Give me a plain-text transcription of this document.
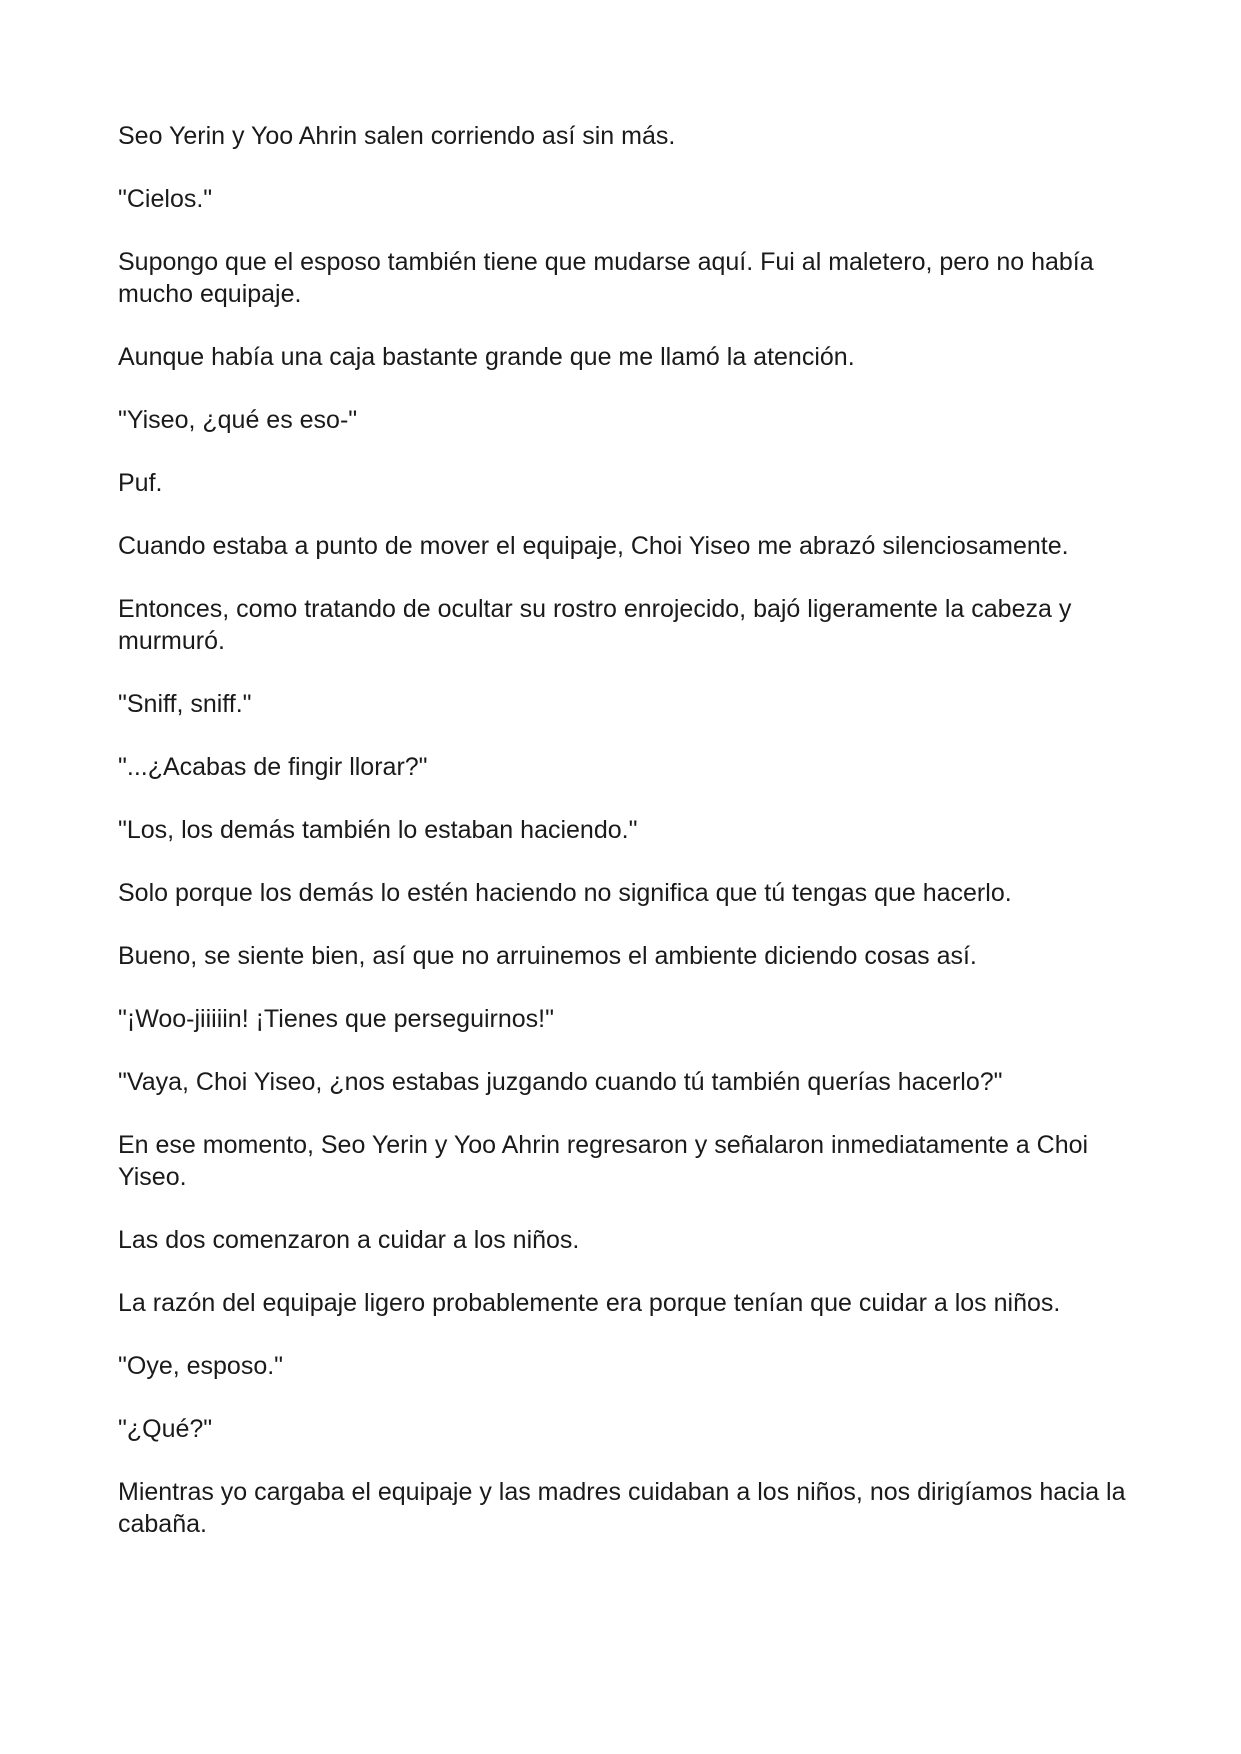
Seo Yerin y Yoo Ahrin salen corriendo así sin más.

"Cielos."

Supongo que el esposo también tiene que mudarse aquí. Fui al maletero, pero no había mucho equipaje.

Aunque había una caja bastante grande que me llamó la atención.

"Yiseo, ¿qué es eso-"

Puf.

Cuando estaba a punto de mover el equipaje, Choi Yiseo me abrazó silenciosamente.

Entonces, como tratando de ocultar su rostro enrojecido, bajó ligeramente la cabeza y murmuró.

"Sniff, sniff."

"...¿Acabas de fingir llorar?"

"Los, los demás también lo estaban haciendo."

Solo porque los demás lo estén haciendo no significa que tú tengas que hacerlo.

Bueno, se siente bien, así que no arruinemos el ambiente diciendo cosas así.

"¡Woo-jiiiiin! ¡Tienes que perseguirnos!"

"Vaya, Choi Yiseo, ¿nos estabas juzgando cuando tú también querías hacerlo?"

En ese momento, Seo Yerin y Yoo Ahrin regresaron y señalaron inmediatamente a Choi Yiseo.

Las dos comenzaron a cuidar a los niños.

La razón del equipaje ligero probablemente era porque tenían que cuidar a los niños.

"Oye, esposo."

"¿Qué?"

Mientras yo cargaba el equipaje y las madres cuidaban a los niños, nos dirigíamos hacia la cabaña.
